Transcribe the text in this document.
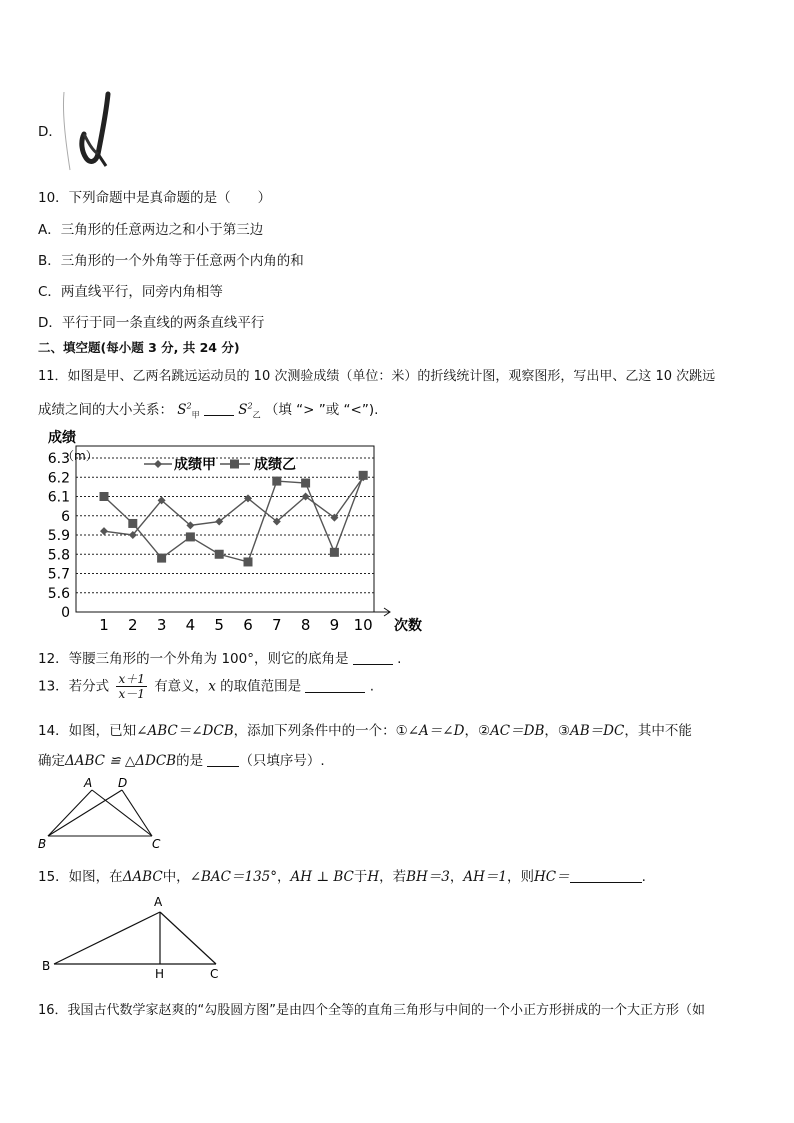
D．
10．下列命题中是真命题的是（　　）
A．三角形的任意两边之和小于第三边
B．三角形的一个外角等于任意两个内角的和
C．两直线平行，同旁内角相等
D．平行于同一条直线的两条直线平行
二、填空题(每小题 3 分, 共 24 分)
11．如图是甲、乙两名跳远运动员的 10 次测验成绩（单位：米）的折线统计图，观察图形，写出甲、乙这 10 次跳远
成绩之间的大小关系： $S^2_甲$	$S^2_乙$ （填 “> ”或 “<”).
0
5.6
5.7
5.8
5.9
6
6.1
6.2
6.3
1 2 3 4 5 6 7 8 9 10
成绩
（m）
次数
成绩甲	成绩乙
12．等腰三角形的一个外角为 100°，则它的底角是	.
13．若分式 $\frac{x+1}{x-1}$ 有意义，x 的取值范围是	.
14．如图，已知∠ABC＝∠DCB，添加下列条件中的一个：①∠A＝∠D，②AC＝DB，③AB＝DC，其中不能
确定ΔABC ≌ △ΔDCB的是	（只填序号）.
A D
B	C
15．如图，在ΔABC中，∠BAC＝135°，AH ⊥ BC于H，若BH＝3，AH＝1，则HC＝	.
A
B
H	C
16．我国古代数学家赵爽的“勾股圆方图”是由四个全等的直角三角形与中间的一个小正方形拼成的一个大正方形（如
